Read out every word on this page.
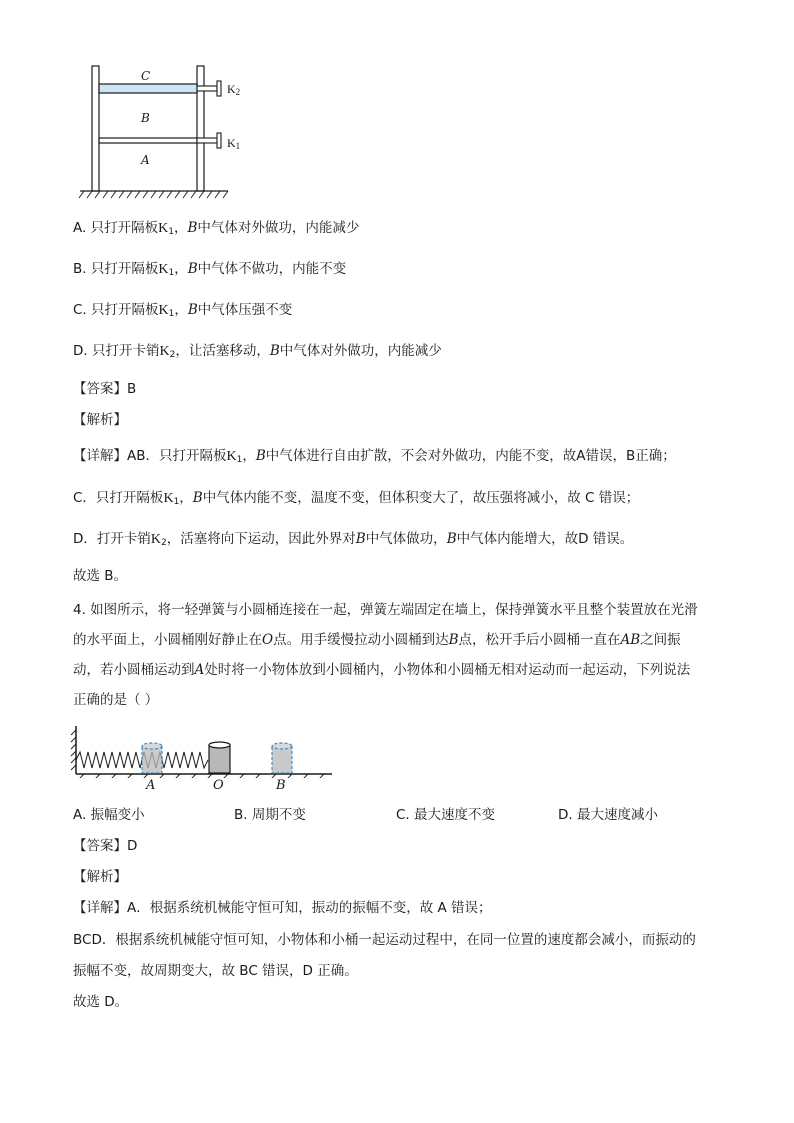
C
B
A
$K_2$
$K_1$
A. 只打开隔板$K_1$，B中气体对外做功，内能减少
B. 只打开隔板$K_1$，B中气体不做功，内能不变
C. 只打开隔板$K_1$，B中气体压强不变
D. 只打开卡销$K_2$，让活塞移动，B中气体对外做功，内能减少
【答案】B
【解析】
【详解】AB．只打开隔板$K_1$，B中气体进行自由扩散，不会对外做功，内能不变，故A错误，B正确；
C．只打开隔板$K_1$，B中气体内能不变，温度不变，但体积变大了，故压强将减小，故 C 错误；
D．打开卡销$K_2$，活塞将向下运动，因此外界对B中气体做功，B中气体内能增大，故D 错误。
故选 B。
4. 如图所示，将一轻弹簧与小圆桶连接在一起，弹簧左端固定在墙上，保持弹簧水平且整个装置放在光滑
的水平面上，小圆桶刚好静止在O点。用手缓慢拉动小圆桶到达B点，松开手后小圆桶一直在AB之间振
动，若小圆桶运动到A处时将一小物体放到小圆桶内，小物体和小圆桶无相对运动而一起运动，下列说法
正确的是（ ）
A	O	B
A. 振幅变小	B. 周期不变	C. 最大速度不变	D. 最大速度减小
【答案】D
【解析】
【详解】A．根据系统机械能守恒可知，振动的振幅不变，故 A 错误；
BCD．根据系统机械能守恒可知，小物体和小桶一起运动过程中，在同一位置的速度都会减小，而振动的
振幅不变，故周期变大，故 BC 错误，D 正确。
故选 D。
